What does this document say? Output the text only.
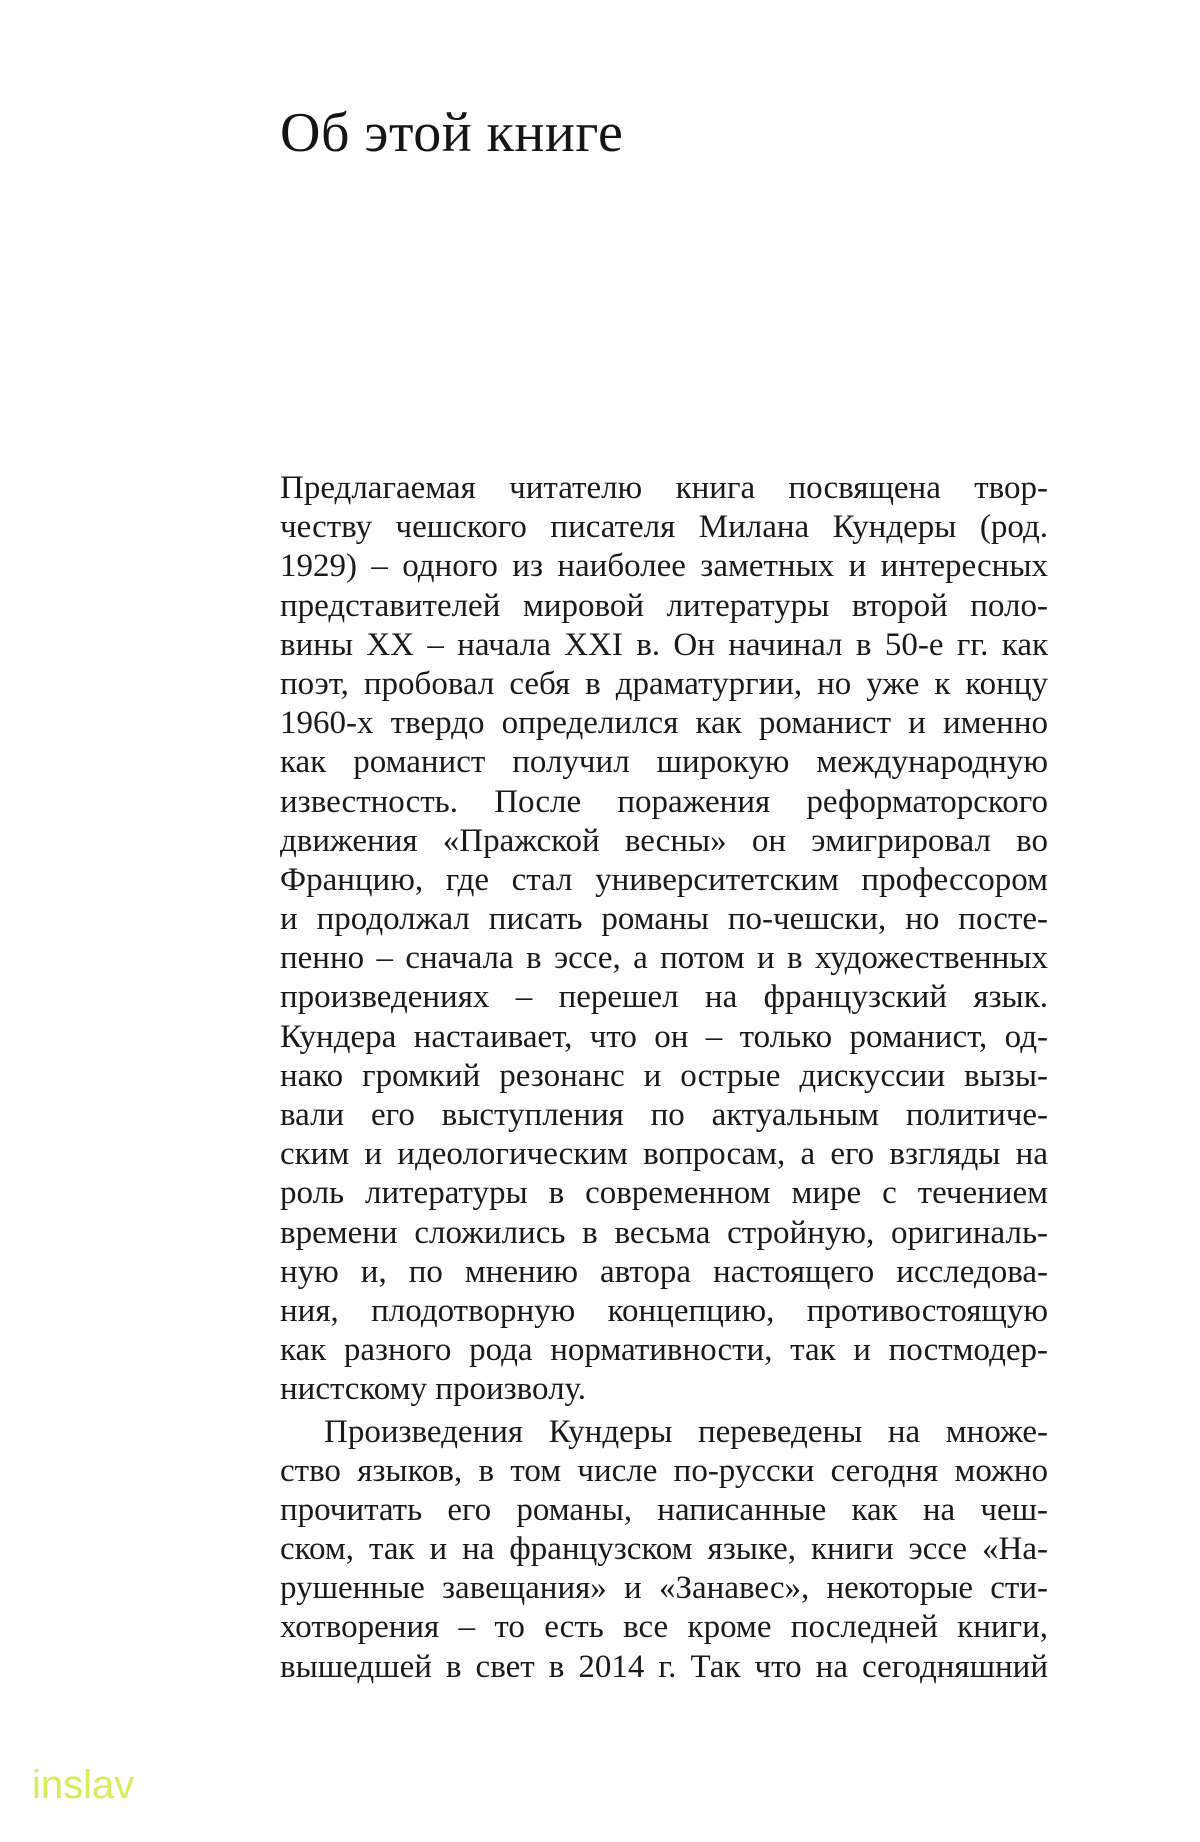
Об этой книге
Предлагаемая читателю книга посвящена твор-
честву чешского писателя Милана Кундеры (род.
1929) – одного из наиболее заметных и интересных
представителей мировой литературы второй поло-
вины XX – начала XXI в. Он начинал в 50-е гг. как
поэт, пробовал себя в драматургии, но уже к концу
1960-х твердо определился как романист и именно
как романист получил широкую международную
известность. После поражения реформаторского
движения «Пражской весны» он эмигрировал во
Францию, где стал университетским профессором
и продолжал писать романы по-чешски, но посте-
пенно – сначала в эссе, а потом и в художественных
произведениях – перешел на французский язык.
Кундера настаивает, что он – только романист, од-
нако громкий резонанс и острые дискуссии вызы-
вали его выступления по актуальным политиче-
ским и идеологическим вопросам, а его взгляды на
роль литературы в современном мире с течением
времени сложились в весьма стройную, оригиналь-
ную и, по мнению автора настоящего исследова-
ния, плодотворную концепцию, противостоящую
как разного рода нормативности, так и постмодер-
нистскому произволу.
Произведения Кундеры переведены на множе-
ство языков, в том числе по-русски сегодня можно
прочитать его романы, написанные как на чеш-
ском, так и на французском языке, книги эссе «На-
рушенные завещания» и «Занавес», некоторые сти-
хотворения – то есть все кроме последней книги,
вышедшей в свет в 2014 г. Так что на сегодняшний
inslav
